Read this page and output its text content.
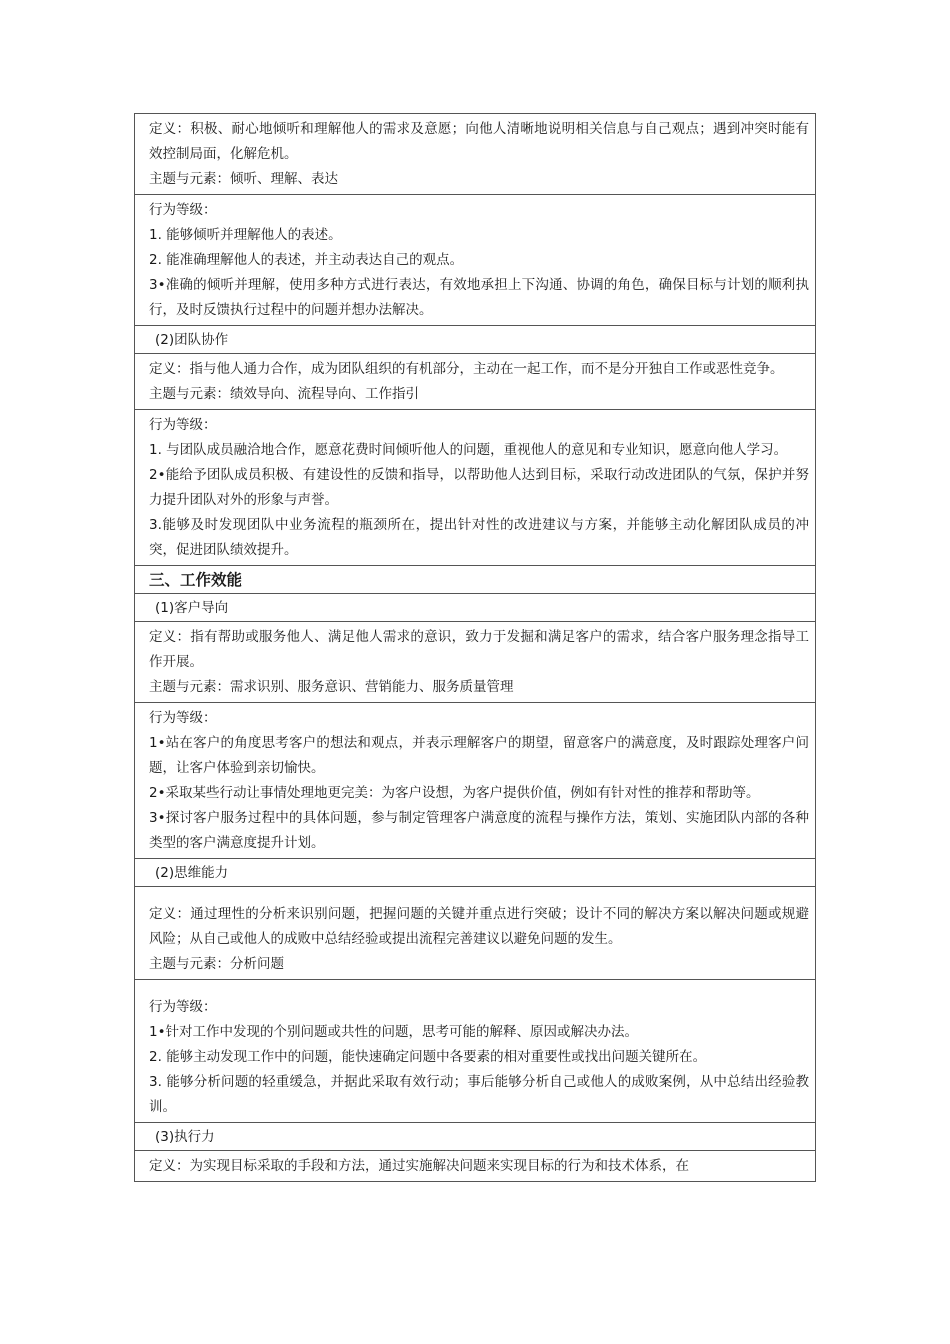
定义：积极、耐心地倾听和理解他人的需求及意愿；向他人清晰地说明相关信息与自己观点；遇到冲突时能有效控制局面，化解危机。

主题与元素：倾听、理解、表达

行为等级：

1. 能够倾听并理解他人的表述。

2. 能准确理解他人的表述，并主动表达自己的观点。

3•准确的倾听并理解，使用多种方式进行表达，有效地承担上下沟通、协调的角色，确保目标与计划的顺利执行，及时反馈执行过程中的问题并想办法解决。

(2)团队协作

定义：指与他人通力合作，成为团队组织的有机部分，主动在一起工作，而不是分开独自工作或恶性竞争。

主题与元素：绩效导向、流程导向、工作指引

行为等级：

1. 与团队成员融洽地合作，愿意花费时间倾听他人的问题，重视他人的意见和专业知识，愿意向他人学习。

2•能给予团队成员积极、有建设性的反馈和指导，以帮助他人达到目标，采取行动改进团队的气氛，保护并努力提升团队对外的形象与声誉。

3.能够及时发现团队中业务流程的瓶颈所在，提出针对性的改进建议与方案，并能够主动化解团队成员的冲突，促进团队绩效提升。

三、工作效能
(1)客户导向

定义：指有帮助或服务他人、满足他人需求的意识，致力于发掘和满足客户的需求，结合客户服务理念指导工作开展。

主题与元素：需求识别、服务意识、营销能力、服务质量管理

行为等级：

1•站在客户的角度思考客户的想法和观点，并表示理解客户的期望，留意客户的满意度，及时跟踪处理客户问题，让客户体验到亲切愉快。

2•采取某些行动让事情处理地更完美：为客户设想，为客户提供价值，例如有针对性的推荐和帮助等。

3•探讨客户服务过程中的具体问题，参与制定管理客户满意度的流程与操作方法，策划、实施团队内部的各种类型的客户满意度提升计划。

(2)思维能力

定义：通过理性的分析来识别问题，把握问题的关键并重点进行突破；设计不同的解决方案以解决问题或规避风险；从自己或他人的成败中总结经验或提出流程完善建议以避免问题的发生。

主题与元素：分析问题

行为等级：

1•针对工作中发现的个别问题或共性的问题，思考可能的解释、原因或解决办法。

2. 能够主动发现工作中的问题，能快速确定问题中各要素的相对重要性或找出问题关键所在。

3. 能够分析问题的轻重缓急，并据此采取有效行动；事后能够分析自己或他人的成败案例，从中总结出经验教训。

(3)执行力

定义：为实现目标采取的手段和方法，通过实施解决问题来实现目标的行为和技术体系，在
